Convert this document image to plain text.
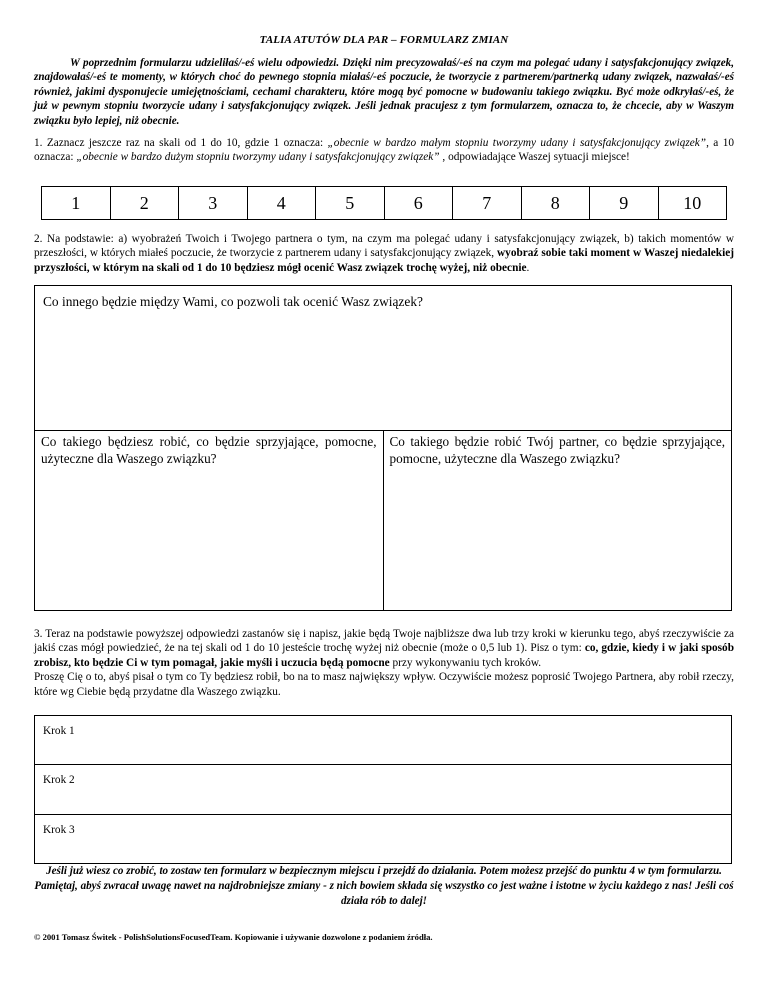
TALIA ATUTÓW DLA PAR – FORMULARZ ZMIAN
W poprzednim formularzu udzieliłaś/-eś wielu odpowiedzi. Dzięki nim precyzowałaś/-eś na czym ma polegać udany i satysfakcjonujący związek, znajdowałaś/-eś te momenty, w których choć do pewnego stopnia miałaś/-eś poczucie, że tworzycie z partnerem/partnerką udany związek, nazwałaś/-eś również, jakimi dysponujecie umiejętnościami, cechami charakteru, które mogą być pomocne w budowaniu takiego związku. Być może odkryłaś/-eś, że już w pewnym stopniu tworzycie udany i satysfakcjonujący związek. Jeśli jednak pracujesz z tym formularzem, oznacza to, że chcecie, aby w Waszym związku było lepiej, niż obecnie.
1. Zaznacz jeszcze raz na skali od 1 do 10, gdzie 1 oznacza: „obecnie w bardzo małym stopniu tworzymy udany i satysfakcjonujący związek”, a 10 oznacza: „obecnie w bardzo dużym stopniu tworzymy udany i satysfakcjonujący związek” , odpowiadające Waszej sytuacji miejsce!
1	2	3	4	5	6	7	8	9	10
2. Na podstawie: a) wyobrażeń Twoich i Twojego partnera o tym, na czym ma polegać udany i satysfakcjonujący związek, b) takich momentów w przeszłości, w których miałeś poczucie, że tworzycie z partnerem udany i satysfakcjonujący związek, wyobraź sobie taki moment w Waszej niedalekiej przyszłości, w którym na skali od 1 do 10 będziesz mógł ocenić Wasz związek trochę wyżej, niż obecnie.
Co innego będzie między Wami, co pozwoli tak ocenić Wasz związek?
Co takiego będziesz robić, co będzie sprzyjające, pomocne, użyteczne dla Waszego związku?
Co takiego będzie robić Twój partner, co będzie sprzyjające, pomocne, użyteczne dla Waszego związku?
3. Teraz na podstawie powyższej odpowiedzi zastanów się i napisz, jakie będą Twoje najbliższe dwa lub trzy kroki w kierunku tego, abyś rzeczywiście za jakiś czas mógł powiedzieć, że na tej skali od 1 do 10 jesteście trochę wyżej niż obecnie (może o 0,5 lub 1). Pisz o tym: co, gdzie, kiedy i w jaki sposób zrobisz, kto będzie Ci w tym pomagał, jakie myśli i uczucia będą pomocne przy wykonywaniu tych kroków.
Proszę Cię o to, abyś pisał o tym co Ty będziesz robił, bo na to masz największy wpływ. Oczywiście możesz poprosić Twojego Partnera, aby robił rzeczy, które wg Ciebie będą przydatne dla Waszego związku.
Krok 1
Krok 2
Krok 3
Jeśli już wiesz co zrobić, to zostaw ten formularz w bezpiecznym miejscu i przejdź do działania. Potem możesz przejść do punktu 4 w tym formularzu. Pamiętaj, abyś zwracał uwagę nawet na najdrobniejsze zmiany - z nich bowiem składa się wszystko co jest ważne i istotne w życiu każdego z nas! Jeśli coś działa rób to dalej!
© 2001 Tomasz Świtek - PolishSolutionsFocusedTeam. Kopiowanie i używanie dozwolone z podaniem źródła.
